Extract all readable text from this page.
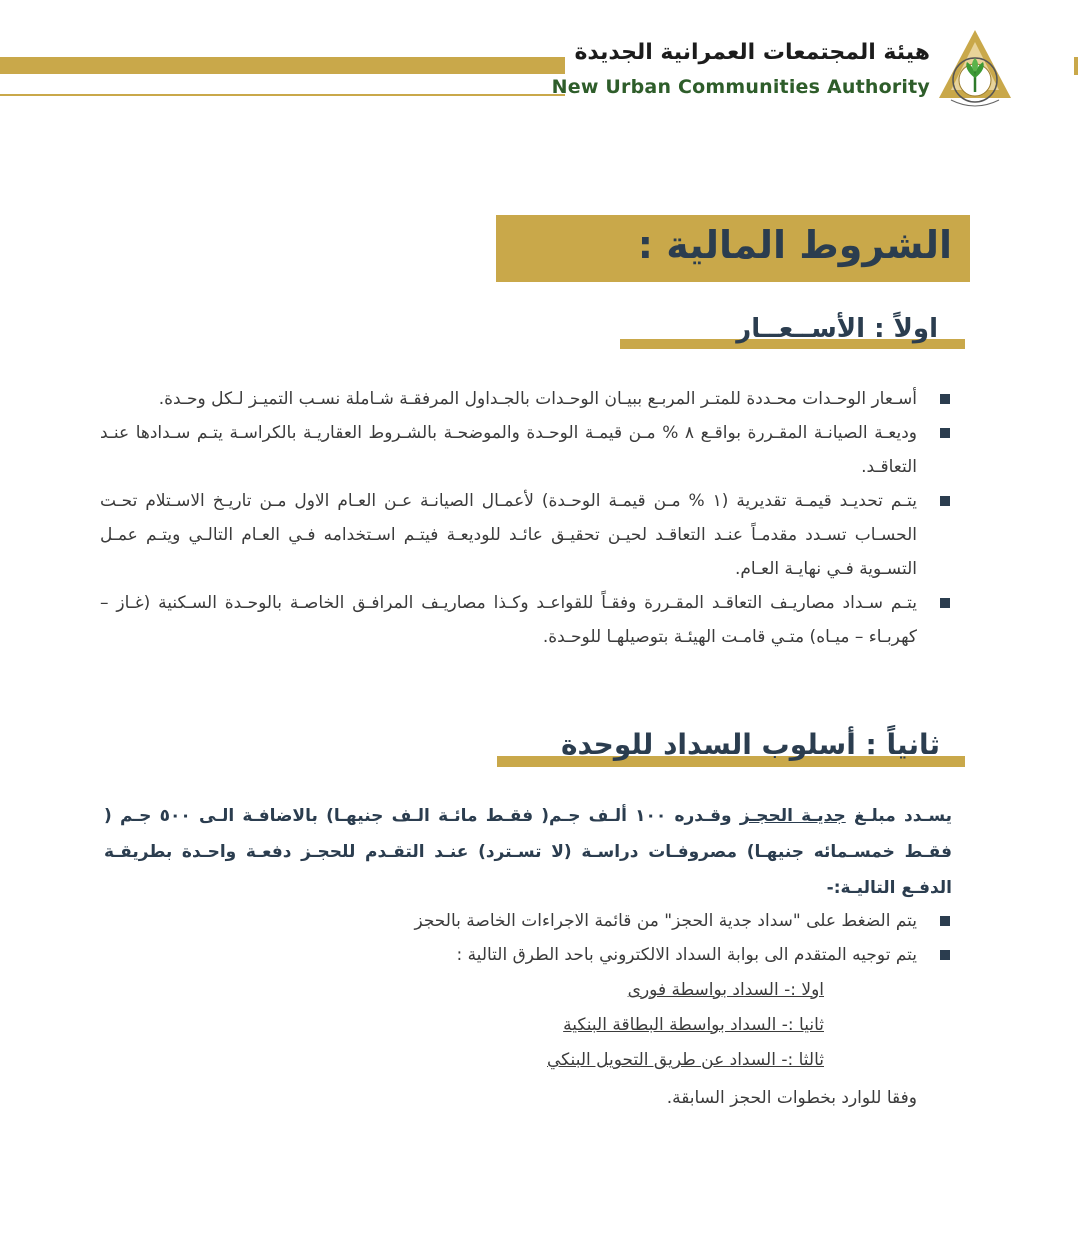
هيئة المجتمعات العمرانية الجديدة
New Urban Communities Authority
الشروط المالية :
اولاً : الأســعــار
أسـعار الوحـدات محـددة للمتـر المربـع ببيـان الوحـدات بالجـداول المرفقـة شـاملة نسـب التميـز لـكل وحـدة.
وديعـة الصيانـة المقـررة بواقـع ٨ % مـن قيمـة الوحـدة والموضحـة بالشـروط العقاريـة بالكراسـة يتـم سـدادها عنـد التعاقـد.
يتـم تحديـد قيمـة تقديرية (١ % مـن قيمـة الوحـدة) لأعمـال الصيانـة عـن العـام الاول مـن تاريـخ الاسـتلام تحـت الحسـاب تسـدد مقدمـاً عنـد التعاقـد لحيـن تحقيـق عائـد للوديعـة فيتـم اسـتخدامه فـي العـام التالـي ويتـم عمـل التسـوية فـي نهايـة العـام.
يتـم سـداد مصاريـف التعاقـد المقـررة وفقـاً للقواعـد وكـذا مصاريـف المرافـق الخاصـة بالوحـدة السـكنية (غـاز – كهربـاء – ميـاه) متـي قامـت الهيئـة بتوصيلهـا للوحـدة.
ثانياً : أسلوب السداد للوحدة
يسـدد مبلـغ جديـة الحجـز وقـدره ١٠٠ ألـف جـم( فقـط مائـة الـف جنيهـا) بالاضافـة الـى ٥٠٠ جـم ( فقـط خمسـمائه جنيهـا) مصروفـات دراسـة (لا تسـترد) عنـد التقـدم للحجـز دفعـة واحـدة بطريقـة الدفـع التاليـة:-
يتم الضغط على "سداد جدية الحجز" من قائمة الاجراءات الخاصة بالحجز
يتم توجيه المتقدم الى بوابة السداد الالكتروني باحد الطرق التالية :
اولا :- السداد بواسطة فورى
ثانيا :- السداد بواسطة البطاقة البنكية
ثالثا :- السداد عن طريق التحويل البنكي
وفقا للوارد بخطوات الحجز السابقة.
